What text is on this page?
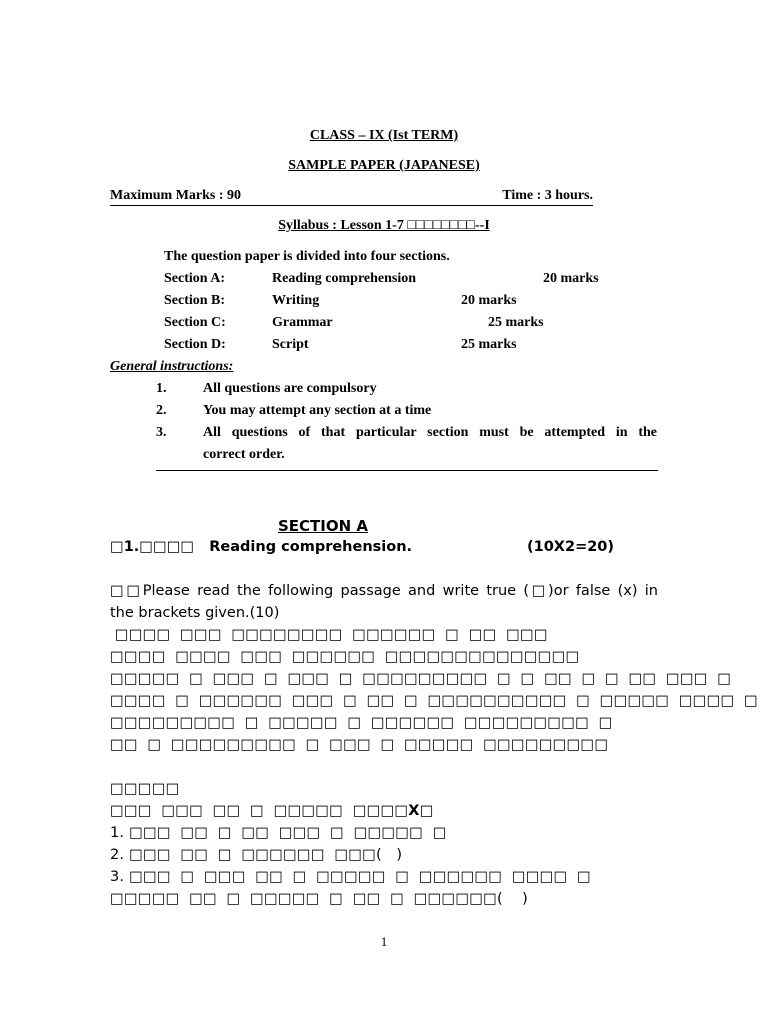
CLASS – IX (Ist TERM)
SAMPLE PAPER (JAPANESE)
Maximum Marks : 90	Time : 3 hours.
Syllabus : Lesson 1-7 □□□□□□□□--I
The question paper is divided into four sections.
Section A:	Reading comprehension	20 marks
Section B:	Writing	20 marks
Section C:	Grammar	25 marks
Section D:	Script	25 marks
General instructions:
1.	All questions are compulsory
2.	You may attempt any section at a time
3.	All questions of that particular section must be attempted in the
correct order.
SECTION A
□1.□□□□ Reading comprehension.	(10X2=20)
□□Please read the following passage and write true (□)or false (x) in
the brackets given.(10)
□□□□  □□□  □□□□□□□□  □□□□□□  □  □□  □□□
□□□□  □□□□  □□□  □□□□□□  □□□□□□□□□□□□□□
□□□□□  □  □□□  □  □□□  □  □□□□□□□□□  □  □  □□  □  □  □□  □□□  □
□□□□  □  □□□□□□  □□□  □  □□  □  □□□□□□□□□□  □  □□□□□  □□□□  □
□□□□□□□□□  □  □□□□□  □  □□□□□□  □□□□□□□□□  □
□□  □  □□□□□□□□□  □  □□□  □  □□□□□  □□□□□□□□□
□□□□□
□□□  □□□  □□  □  □□□□□  □□□□X□
1. □□□  □□  □  □□  □□□  □  □□□□□  □
2. □□□  □□  □  □□□□□□  □□□(   )
3. □□□  □  □□□  □□  □  □□□□□  □  □□□□□□  □□□□  □
□□□□□  □□  □  □□□□□  □  □□  □  □□□□□□(    )
1
